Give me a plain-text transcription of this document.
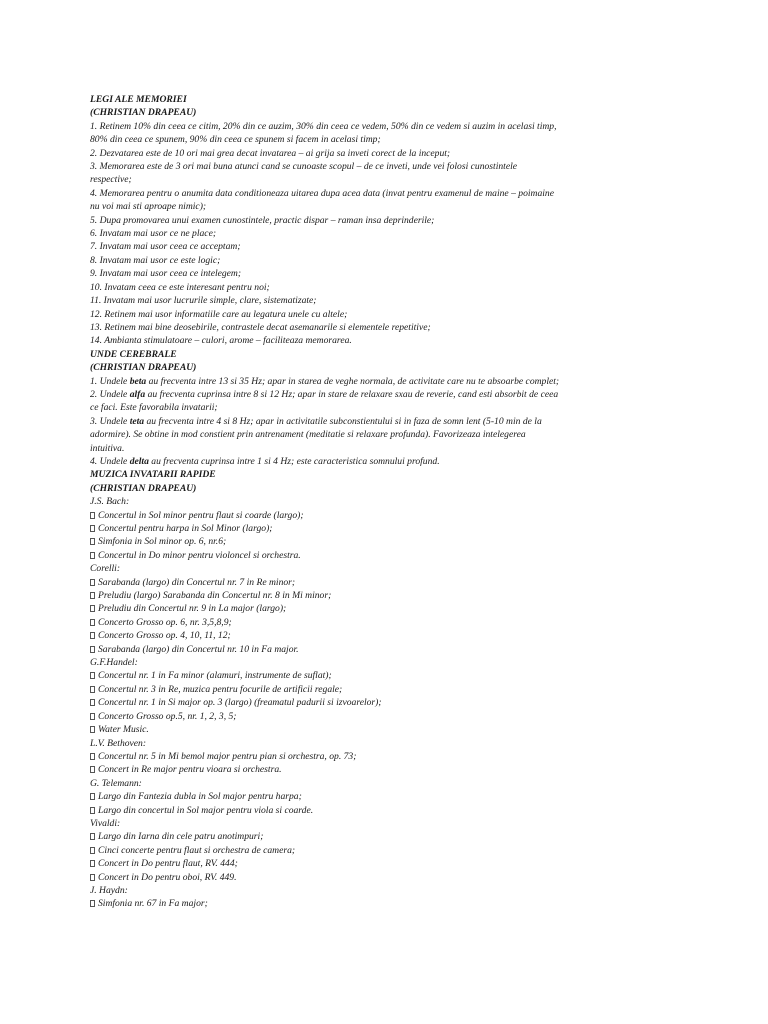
LEGI ALE MEMORIEI

(CHRISTIAN DRAPEAU)

1. Retinem 10% din ceea ce citim, 20% din ce auzim, 30% din ceea ce vedem, 50% din ce vedem si auzim in acelasi timp, 80% din ceea ce spunem, 90% din ceea ce spunem si facem in acelasi timp;

2. Dezvatarea este de 10 ori mai grea decat invatarea – ai grija sa inveti corect de la inceput;

3. Memorarea este de 3 ori mai buna atunci cand se cunoaste scopul – de ce inveti, unde vei folosi cunostintele respective;

4. Memorarea pentru o anumita data conditioneaza uitarea dupa acea data (invat pentru examenul de maine – poimaine nu voi mai sti aproape nimic);

5. Dupa promovarea unui examen cunostintele, practic dispar – raman insa deprinderile;

6. Invatam mai usor ce ne place;

7. Invatam mai usor ceea ce acceptam;

8. Invatam mai usor ce este logic;

9. Invatam mai usor ceea ce intelegem;

10. Invatam ceea ce este interesant pentru noi;

11. Invatam mai usor lucrurile simple, clare, sistematizate;

12. Retinem mai usor informatiile care au legatura unele cu altele;

13. Retinem mai bine deosebirile, contrastele decat asemanarile si elementele repetitive;

14. Ambianta stimulatoare – culori, arome – faciliteaza memorarea.

UNDE CEREBRALE

(CHRISTIAN DRAPEAU)

1. Undele beta au frecventa intre 13 si 35 Hz; apar in starea de veghe normala, de activitate care nu te absoarbe complet;

2. Undele alfa au frecventa cuprinsa intre 8 si 12 Hz; apar in stare de relaxare sxau de reverie, cand esti absorbit de ceea ce faci. Este favorabila invatarii;

3. Undele teta au frecventa intre 4 si 8 Hz; apar in activitatile subconstientului si in faza de somn lent (5-10 min de la adormire). Se obtine in mod constient prin antrenament (meditatie si relaxare profunda). Favorizeaza intelegerea intuitiva.

4. Undele delta au frecventa cuprinsa intre 1 si 4 Hz; este caracteristica somnului profund.

MUZICA INVATARII RAPIDE

(CHRISTIAN DRAPEAU)

J.S. Bach:

Concertul in Sol minor pentru flaut si coarde (largo);

Concertul pentru harpa in Sol Minor (largo);

Simfonia in Sol minor op. 6, nr.6;

Concertul in Do minor pentru violoncel si orchestra.

Corelli:

Sarabanda (largo) din Concertul nr. 7 in Re minor;

Preludiu (largo) Sarabanda din Concertul nr. 8 in Mi minor;

Preludiu din Concertul nr. 9 in La major (largo);

Concerto Grosso op. 6, nr. 3,5,8,9;

Concerto Grosso op. 4, 10, 11, 12;

Sarabanda (largo) din Concertul nr. 10 in Fa major.

G.F.Handel:

Concertul nr. 1 in Fa minor (alamuri, instrumente de suflat);

Concertul nr. 3 in Re, muzica pentru focurile de artificii regale;

Concertul nr. 1 in Si major op. 3 (largo) (freamatul padurii si izvoarelor);

Concerto Grosso op.5, nr. 1, 2, 3, 5;

Water Music.

L.V. Bethoven:

Concertul nr. 5 in Mi bemol major pentru pian si orchestra, op. 73;

Concert in Re major pentru vioara si orchestra.

G. Telemann:

Largo din Fantezia dubla in Sol major pentru harpa;

Largo din concertul in Sol major pentru viola si coarde.

Vivaldi:

Largo din Iarna din cele patru anotimpuri;

Cinci concerte pentru flaut si orchestra de camera;

Concert in Do pentru flaut, RV. 444;

Concert in Do pentru oboi, RV. 449.

J. Haydn:

Simfonia nr. 67 in Fa major;
